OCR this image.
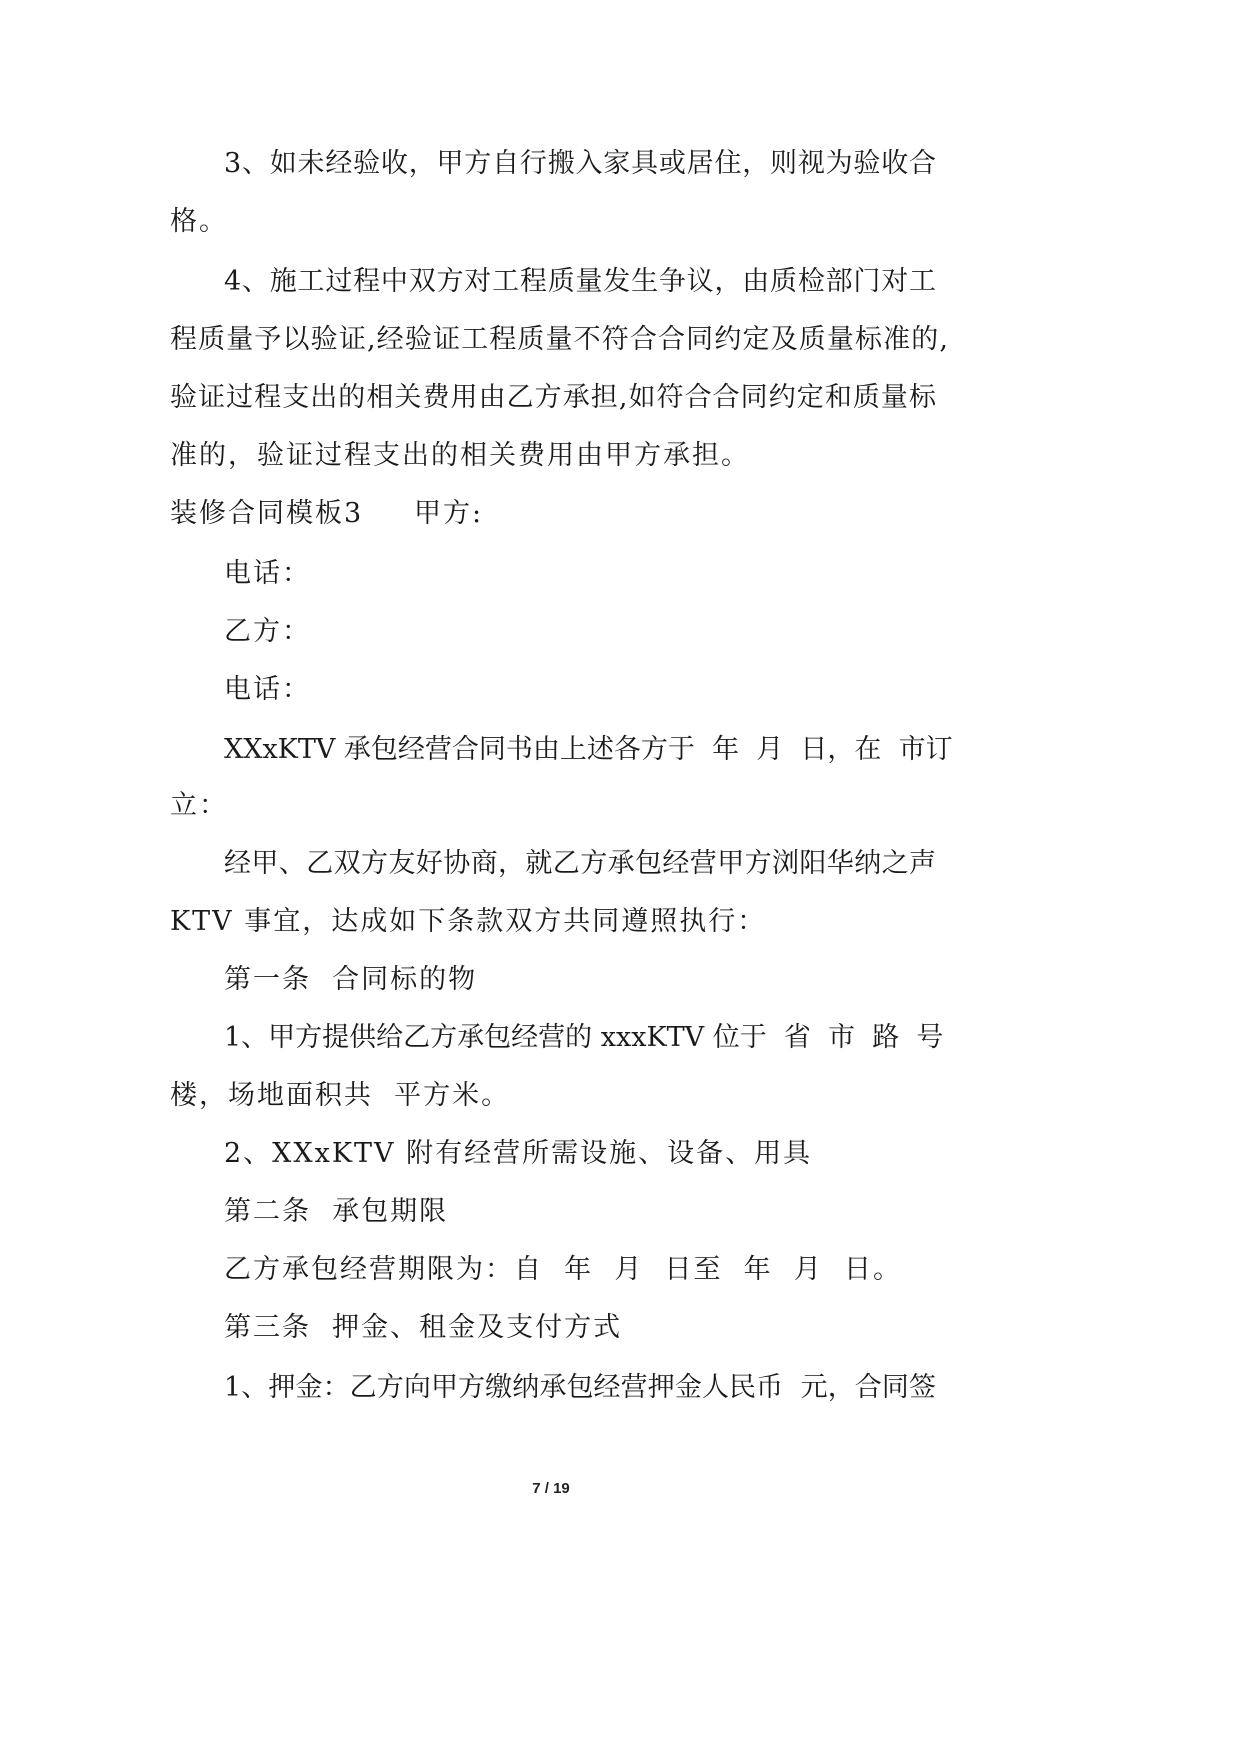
3、如未经验收，甲方自行搬入家具或居住，则视为验收合
格。
4、施工过程中双方对工程质量发生争议，由质检部门对工
程质量予以验证,经验证工程质量不符合合同约定及质量标准的,
验证过程支出的相关费用由乙方承担,如符合合同约定和质量标
准的，验证过程支出的相关费用由甲方承担。
装修合同模板3 甲方:
电话：
乙方：
电话：
XXxKTV 承包经营合同书由上述各方于  年  月  日，在  市订
立：
经甲、乙双方友好协商，就乙方承包经营甲方浏阳华纳之声
KTV 事宜，达成如下条款双方共同遵照执行：
第一条  合同标的物
1、甲方提供给乙方承包经营的 xxxKTV 位于  省  市  路  号
楼，场地面积共  平方米。
2、XXxKTV 附有经营所需设施、设备、用具
第二条  承包期限
乙方承包经营期限为：自  年  月  日至  年  月  日。
第三条  押金、租金及支付方式
1、押金：乙方向甲方缴纳承包经营押金人民币  元，合同签
7 / 19
